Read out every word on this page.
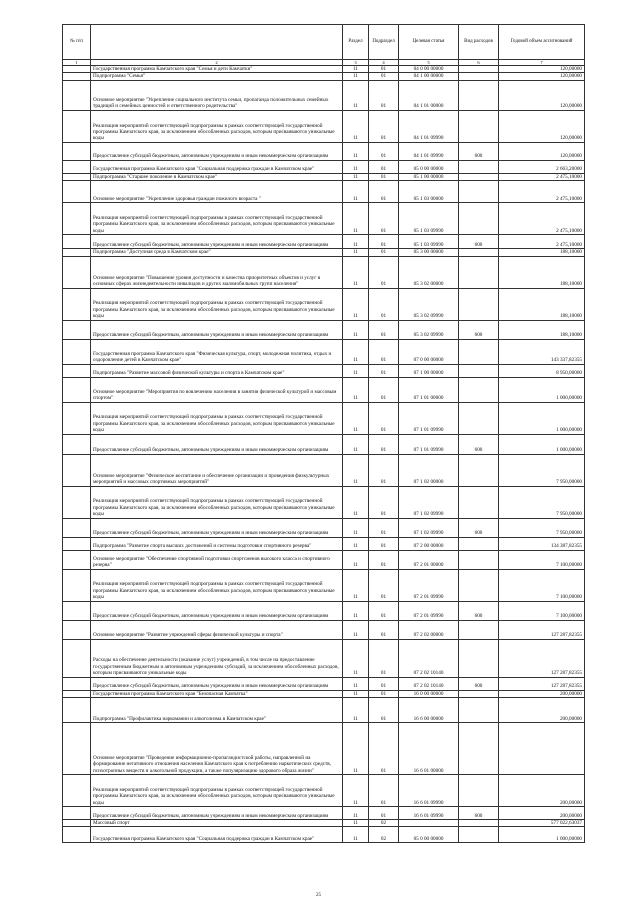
№ п/п		Раздел	Подраздел	Целевая статья	Вид расходов	Годовой объем ассигнований
1	2	3	4	5	6	7
	Государственная программа Камчатского края "Семья и дети Камчатки"	11	01	04 0 00 00000		120,00000
	Подпрограмма "Семья"	11	01	04 1 00 00000		120,00000
	Основное мероприятие "Укрепление социального института семьи, пропаганда положительных семейных традиций и семейных ценностей и ответственного родительства"	11	01	04 1 01 00000		120,00000
	Реализация мероприятий соответствующей подпрограммы в рамках соответствующей государственной программы Камчатского края, за исключением обособленных расходов, которым присваиваются уникальные коды	11	01	04 1 01 09990		120,00000
	Предоставление субсидий бюджетным, автономным учреждениям и иным некоммерческим организациям	11	01	04 1 01 09990	600	120,00000
	Государственная программа Камчатского края "Социальная поддержка граждан в Камчатском крае"	11	01	05 0 00 00000		2 663,20000
	Подпрограмма "Старшее поколение в Камчатском крае"	11	01	05 1 00 00000		2 475,10000
	Основное мероприятие "Укрепление здоровья граждан пожилого возраста "	11	01	05 1 03 00000		2 475,10000
	Реализация мероприятий соответствующей подпрограммы в рамках соответствующей государственной программы Камчатского края, за исключением обособленных расходов, которым присваиваются уникальные коды	11	01	05 1 03 09990		2 475,10000
	Предоставление субсидий бюджетным, автономным учреждениям и иным некоммерческим организациям	11	01	05 1 03 09990	600	2 475,10000
	Подпрограмма "Доступная среда в Камчатском крае"	11	01	05 3 00 00000		188,10000
	Основное мероприятие "Повышение уровня доступности и качества приоритетных объектов и услуг в основных сферах жизнедеятельности инвалидов и других маломобильных групп населения"	11	01	05 3 02 00000		188,10000
	Реализация мероприятий соответствующей подпрограммы в рамках соответствующей государственной программы Камчатского края, за исключением обособленных расходов, которым присваиваются уникальные коды	11	01	05 3 02 09990		188,10000
	Предоставление субсидий бюджетным, автономным учреждениям и иным некоммерческим организациям	11	01	05 3 02 09990	600	188,10000
	Государственная программа Камчатского края "Физическая культура, спорт, молодежная политика, отдых и оздоровление детей в Камчатском крае"	11	01	07 0 00 00000		143 337,82355
	Подпрограмма "Развитие массовой физической культуры и спорта в Камчатском крае"	11	01	07 1 00 00000		8 950,00000
	Основное мероприятие "Мероприятия по вовлечению населения в занятия физической культурой и массовым спортом"	11	01	07 1 01 00000		1 000,00000
	Реализация мероприятий соответствующей подпрограммы в рамках соответствующей государственной программы Камчатского края, за исключением обособленных расходов, которым присваиваются уникальные коды	11	01	07 1 01 09990		1 000,00000
	Предоставление субсидий бюджетным, автономным учреждениям и иным некоммерческим организациям	11	01	07 1 01 09990	600	1 000,00000
	Основное мероприятие "Физическое воспитание и обеспечение организации и проведения физкультурных мероприятий и массовых спортивных мероприятий"	11	01	07 1 02 00000		7 950,00000
	Реализация мероприятий соответствующей подпрограммы в рамках соответствующей государственной программы Камчатского края, за исключением обособленных расходов, которым присваиваются уникальные коды	11	01	07 1 02 09990		7 950,00000
	Предоставление субсидий бюджетным, автономным учреждениям и иным некоммерческим организациям	11	01	07 1 02 09990	600	7 950,00000
	Подпрограмма "Развитие спорта высших достижений и системы подготовки спортивного резерва"	11	01	07 2 00 00000		134 387,82355
	Основное мероприятие "Обеспечение спортивной подготовки спортсменов высокого класса и спортивного резерва"	11	01	07 2 01 00000		7 100,00000
	Реализация мероприятий соответствующей подпрограммы в рамках соответствующей государственной программы Камчатского края, за исключением обособленных расходов, которым присваиваются уникальные коды	11	01	07 2 01 09990		7 100,00000
	Предоставление субсидий бюджетным, автономным учреждениям и иным некоммерческим организациям	11	01	07 2 01 09990	600	7 100,00000
	Основное мероприятие "Развитие учреждений сферы физической культуры и спорта"	11	01	07 2 02 00000		127 287,82355
	Расходы на обеспечение деятельности (оказание услуг) учреждений, в том числе на предоставление государственным бюджетным и автономным учреждениям субсидий, за исключением обособленных расходов, которым присваиваются уникальные коды	11	01	07 2 02 10140		127 287,82355
	Предоставление субсидий бюджетным, автономным учреждениям и иным некоммерческим организациям	11	01	07 2 02 10140	600	127 287,82355
	Государственная программа Камчатского края "Безопасная Камчатка"	11	01	16 0 00 00000		200,00000
	Подпрограмма "Профилактика наркомании и алкоголизма в Камчатском крае"	11	01	16 6 00 00000		200,00000
	Основное мероприятие "Проведение информационно-пропагандистской работы, направленной на формирование негативного отношения населения Камчатского края к потреблению наркотических средств, психотропных веществ и алкогольной продукции, а также популяризацию здорового образа жизни"	11	01	16 6 01 00000		
	Реализация мероприятий соответствующей подпрограммы в рамках соответствующей государственной программы Камчатского края, за исключением обособленных расходов, которым присваиваются уникальные коды	11	01	16 6 01 09990		200,00000
	Предоставление субсидий бюджетным, автономным учреждениям и иным некоммерческим организациям	11	01	16 6 01 09990	600	200,00000
	Массовый спорт	11	02			577 022,63037
	Государственная программа Камчатского края "Социальная поддержка граждан в Камчатском крае"	11	02	05 0 00 00000		1 000,00000
25
